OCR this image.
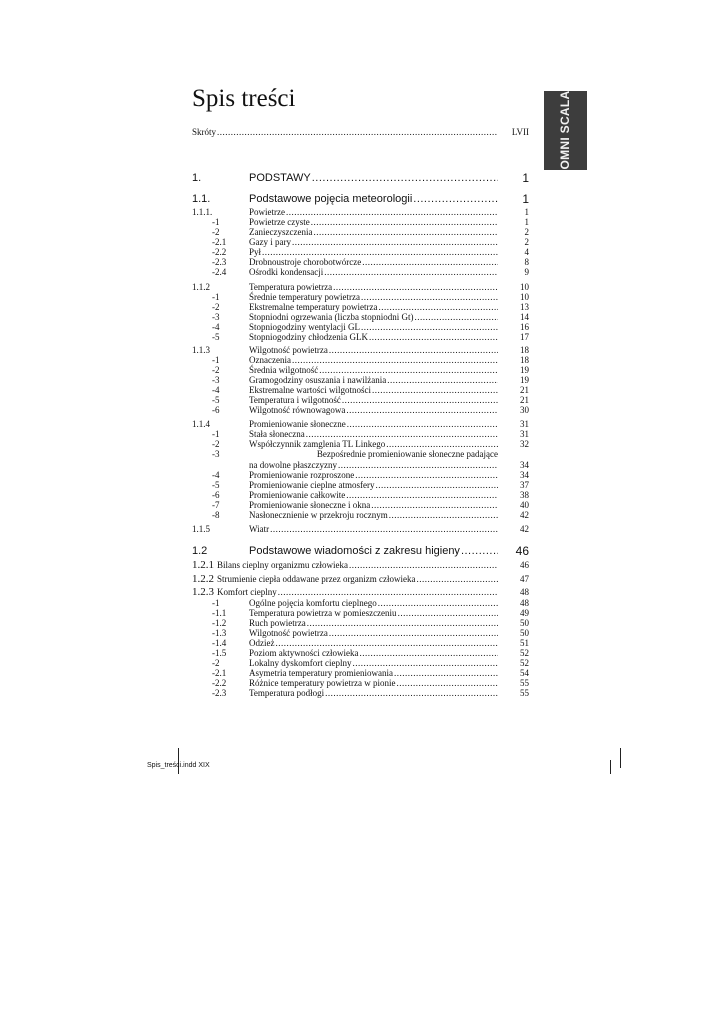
Spis treści	OMNI SCALA
Skróty .....	LVII
1.	PODSTAWY .....	1
1.1.	Podstawowe pojęcia meteorologii .....	1
1.1.1.	Powietrze .....	1
-1	Powietrze czyste .....	1
-2	Zanieczyszczenia .....	2
-2.1	Gazy i pary .....	2
-2.2	Pył .....	4
-2.3	Drobnoustroje chorobotwórcze .....	8
-2.4	Ośrodki kondensacji .....	9
1.1.2	Temperatura powietrza .....	10
-1	Średnie temperatury powietrza .....	10
-2	Ekstremalne temperatury powietrza .....	13
-3	Stopniodni ogrzewania (liczba stopniodni Gt) .....	14
-4	Stopniogodziny wentylacji GL .....	16
-5	Stopniogodziny chłodzenia GLK .....	17
1.1.3	Wilgotność powietrza .....	18
-1	Oznaczenia .....	18
-2	Średnia wilgotność .....	19
-3	Gramogodziny osuszania i nawilżania .....	19
-4	Ekstremalne wartości wilgotności .....	21
-5	Temperatura i wilgotność .....	21
-6	Wilgotność równowagowa .....	30
1.1.4	Promieniowanie słoneczne .....	31
-1	Stała słoneczna .....	31
-2	Współczynnik zamglenia TL Linkego .....	32
-3	Bezpośrednie promieniowanie słoneczne padające
na dowolne płaszczyzny .....	34
-4	Promieniowanie rozproszone .....	34
-5	Promieniowanie cieplne atmosfery .....	37
-6	Promieniowanie całkowite .....	38
-7	Promieniowanie słoneczne i okna .....	40
-8	Nasłonecznienie w przekroju rocznym .....	42
1.1.5	Wiatr .....	42
1.2	Podstawowe wiadomości z zakresu higieny .....	46
1.2.1 Bilans cieplny organizmu człowieka .....	46
1.2.2 Strumienie ciepła oddawane przez organizm człowieka .....	47
1.2.3 Komfort cieplny .....	48
-1	Ogólne pojęcia komfortu cieplnego .....	48
-1.1	Temperatura powietrza w pomieszczeniu .....	49
-1.2	Ruch powietrza .....	50
-1.3	Wilgotność powietrza .....	50
-1.4	Odzież .....	51
-1.5	Poziom aktywności człowieka .....	52
-2	Lokalny dyskomfort cieplny .....	52
-2.1	Asymetria temperatury promieniowania .....	54
-2.2	Różnice temperatury powietrza w pionie .....	55
-2.3	Temperatura podłogi .....	55
Spis_treści.indd XIX
